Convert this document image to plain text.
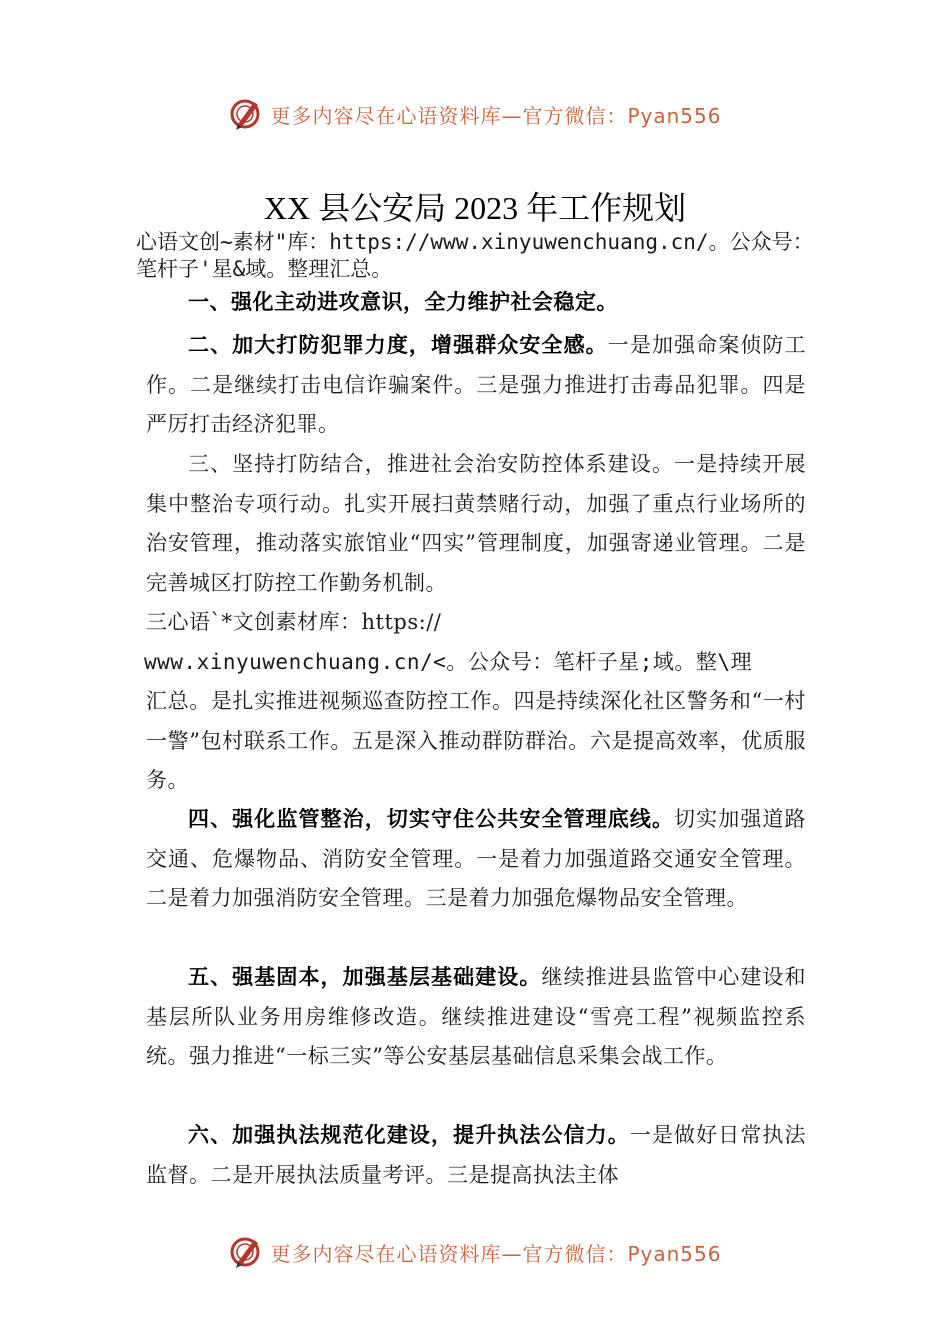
更多内容尽在心语资料库—官方微信：Pyan556
XX 县公安局 2023 年工作规划
心语文创~素材"库：https://www.xinyuwenchuang.cn/。公众号：笔杆子'星&域。整理汇总。

一、强化主动进攻意识，全力维护社会稳定。

二、加大打防犯罪力度，增强群众安全感。一是加强命案侦防工作。二是继续打击电信诈骗案件。三是强力推进打击毒品犯罪。四是严厉打击经济犯罪。

三、坚持打防结合，推进社会治安防控体系建设。一是持续开展集中整治专项行动。扎实开展扫黄禁赌行动，加强了重点行业场所的治安管理，推动落实旅馆业“四实”管理制度，加强寄递业管理。二是完善城区打防控工作勤务机制。

三心语`*文创素材库：https://

www.xinyuwenchuang.cn/<。公众号：笔杆子星;域。整\理

汇总。是扎实推进视频巡查防控工作。四是持续深化社区警务和“一村一警”包村联系工作。五是深入推动群防群治。六是提高效率，优质服务。

四、强化监管整治，切实守住公共安全管理底线。切实加强道路交通、危爆物品、消防安全管理。一是着力加强道路交通安全管理。二是着力加强消防安全管理。三是着力加强危爆物品安全管理。

五、强基固本，加强基层基础建设。继续推进县监管中心建设和基层所队业务用房维修改造。继续推进建设“雪亮工程”视频监控系统。强力推进“一标三实”等公安基层基础信息采集会战工作。

六、加强执法规范化建设，提升执法公信力。一是做好日常执法监督。二是开展执法质量考评。三是提高执法主体

更多内容尽在心语资料库—官方微信：Pyan556
